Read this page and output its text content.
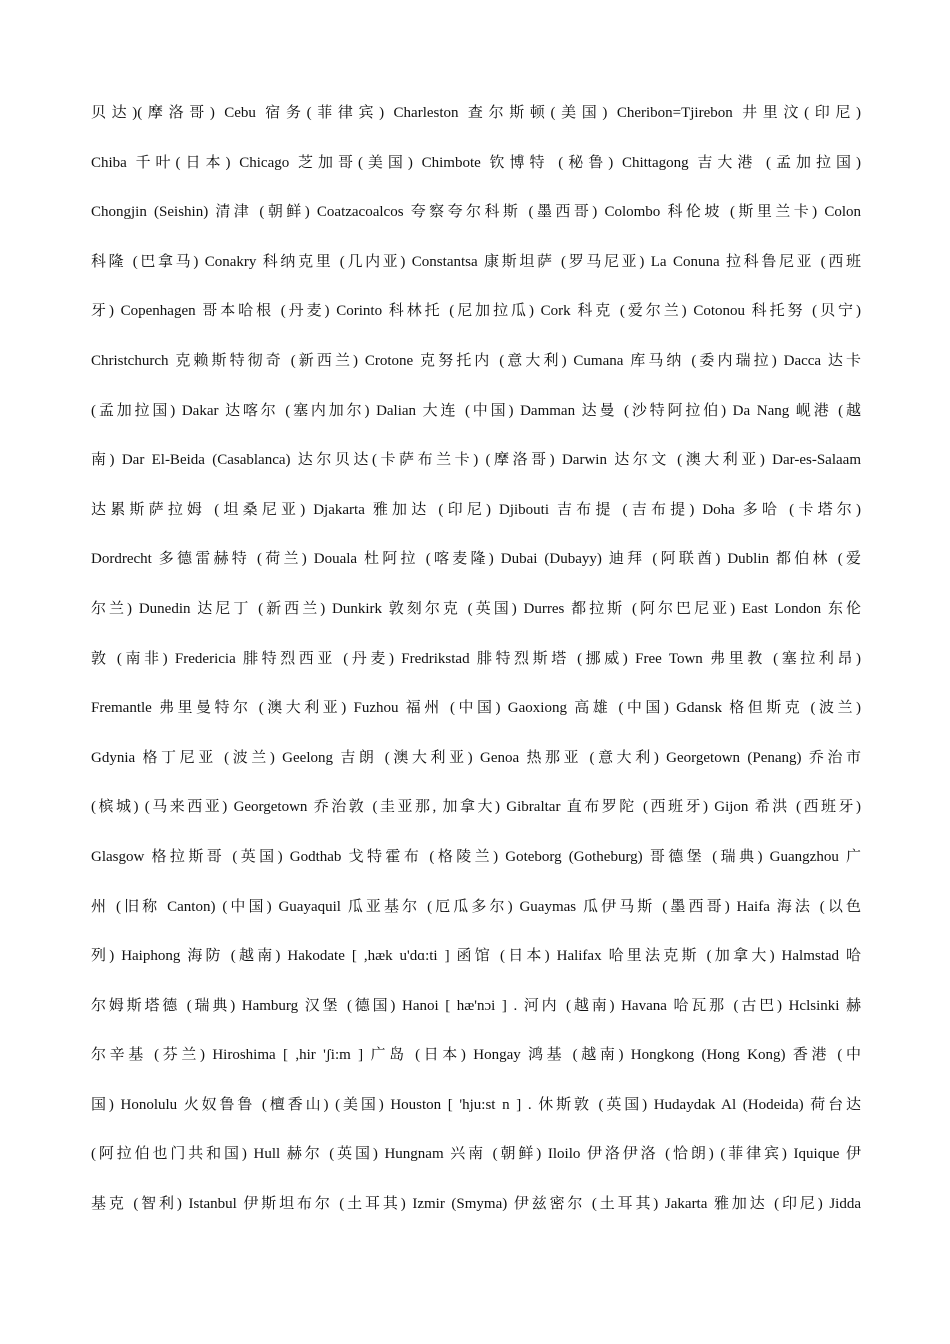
贝达)(摩洛哥) Cebu 宿务(菲律宾) Charleston 查尔斯顿(美国) Cheribon=Tjirebon 井里汶(印尼)
Chiba 千叶(日本) Chicago 芝加哥(美国) Chimbote 钦博特 (秘鲁) Chittagong 吉大港 (孟加拉国)
Chongjin (Seishin) 清津 (朝鲜) Coatzacoalcos 夸察夸尔科斯 (墨西哥) Colombo 科伦坡 (斯里兰卡) Colon
科隆 (巴拿马) Conakry 科纳克里 (几内亚) Constantsa 康斯坦萨 (罗马尼亚) La Conuna 拉科鲁尼亚 (西班
牙) Copenhagen 哥本哈根 (丹麦) Corinto 科林托 (尼加拉瓜) Cork 科克 (爱尔兰) Cotonou 科托努 (贝宁)
Christchurch 克赖斯特彻奇 (新西兰) Crotone 克努托内 (意大利) Cumana 库马纳 (委内瑞拉) Dacca 达卡
(孟加拉国) Dakar 达喀尔 (塞内加尔) Dalian 大连 (中国) Damman 达曼 (沙特阿拉伯) Da Nang 岘港 (越
南) Dar El-Beida (Casablanca) 达尔贝达(卡萨布兰卡) (摩洛哥) Darwin 达尔文 (澳大利亚) Dar-es-Salaam
达累斯萨拉姆 (坦桑尼亚) Djakarta 雅加达 (印尼) Djibouti 吉布提 (吉布提) Doha 多哈 (卡塔尔)
Dordrecht 多德雷赫特 (荷兰) Douala 杜阿拉 (喀麦隆) Dubai (Dubayy) 迪拜 (阿联酋) Dublin 都伯林 (爱
尔兰) Dunedin 达尼丁 (新西兰) Dunkirk 敦刻尔克 (英国) Durres 都拉斯 (阿尔巴尼亚) East London 东伦
敦 (南非) Fredericia 腓特烈西亚 (丹麦) Fredrikstad 腓特烈斯塔 (挪威) Free Town 弗里教 (塞拉利昂)
Fremantle 弗里曼特尔 (澳大利亚) Fuzhou 福州 (中国) Gaoxiong 高雄 (中国) Gdansk 格但斯克 (波兰)
Gdynia 格丁尼亚 (波兰) Geelong 吉朗 (澳大利亚) Genoa 热那亚 (意大利) Georgetown (Penang) 乔治市
(槟城) (马来西亚) Georgetown 乔治敦 (圭亚那, 加拿大) Gibraltar 直布罗陀 (西班牙) Gijon 希洪 (西班牙)
Glasgow 格拉斯哥 (英国) Godthab 戈特霍布 (格陵兰) Goteborg (Gotheburg) 哥德堡 (瑞典) Guangzhou 广
州 (旧称 Canton) (中国) Guayaquil 瓜亚基尔 (厄瓜多尔) Guaymas 瓜伊马斯 (墨西哥) Haifa 海法 (以色
列) Haiphong 海防 (越南) Hakodate [ ,hæk u'dɑ:ti ] 函馆 (日本) Halifax 哈里法克斯 (加拿大) Halmstad 哈
尔姆斯塔德 (瑞典) Hamburg 汉堡 (德国) Hanoi [ hæ'nɔi ] . 河内 (越南) Havana 哈瓦那 (古巴) Hclsinki 赫
尔辛基 (芬兰) Hiroshima [ ,hir 'ʃi:m ] 广岛 (日本) Hongay 鸿基 (越南) Hongkong (Hong Kong) 香港 (中
国) Honolulu 火奴鲁鲁 (檀香山) (美国) Houston [ 'hju:st n ] . 休斯敦 (英国) Hudaydak Al (Hodeida) 荷台达
(阿拉伯也门共和国) Hull 赫尔 (英国) Hungnam 兴南 (朝鲜) Iloilo 伊洛伊洛 (恰朗) (菲律宾) Iquique 伊
基克 (智利) Istanbul 伊斯坦布尔 (土耳其) Izmir (Smyma) 伊兹密尔 (土耳其) Jakarta 雅加达 (印尼) Jidda
